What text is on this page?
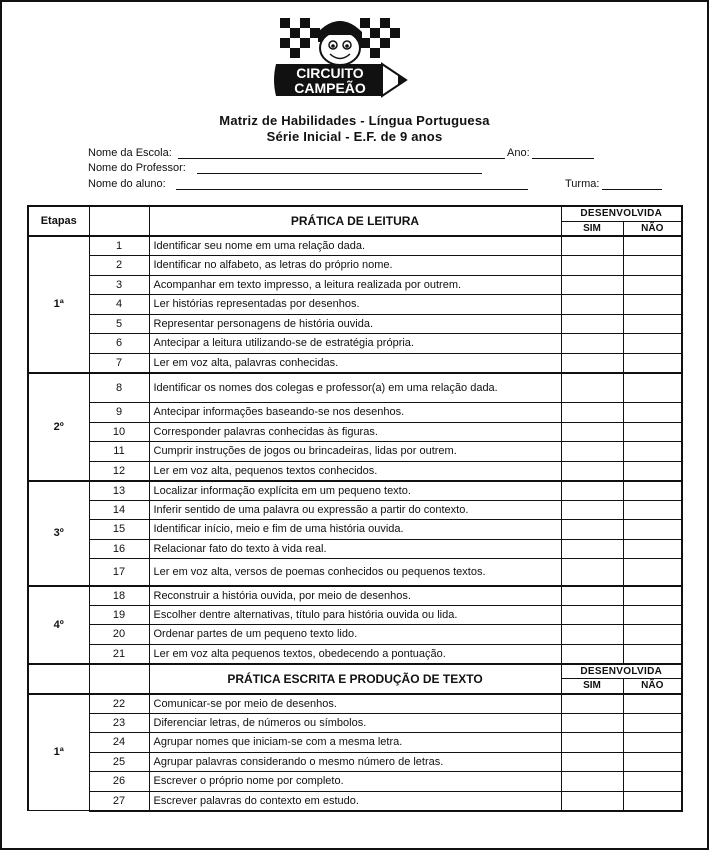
CIRCUITO
CAMPEÃO
Matriz de Habilidades - Língua Portuguesa
Série Inicial - E.F. de 9 anos
Nome da Escola:	Ano:
Nome do Professor:
Nome do aluno:	Turma:
Etapas		PRÁTICA DE LEITURA	DESENVOLVIDA	
			SIM	NÃO
1ª	1	Identificar seu nome em uma relação dada.		
	2	Identificar no alfabeto, as letras do próprio nome.		
	3	Acompanhar em texto impresso, a leitura realizada por outrem.		
	4	Ler histórias representadas por desenhos.		
	5	Representar personagens de história ouvida.		
	6	Antecipar a leitura utilizando-se de estratégia própria.		
	7	Ler em voz alta, palavras conhecidas.		
2º	8	Identificar os nomes dos colegas e professor(a) em uma relação dada.		
	9	Antecipar informações baseando-se nos desenhos.		
	10	Corresponder palavras conhecidas às figuras.		
	11	Cumprir instruções de jogos ou brincadeiras, lidas por outrem.		
	12	Ler em voz alta, pequenos textos conhecidos.		
3º	13	Localizar informação explícita em um pequeno texto.		
	14	Inferir sentido de uma palavra ou expressão a partir do contexto.		
	15	Identificar início, meio e fim de uma história ouvida.		
	16	Relacionar fato do texto à vida real.		
	17	Ler em voz alta, versos de poemas conhecidos ou pequenos textos.		
4º	18	Reconstruir a história ouvida, por meio de desenhos.		
	19	Escolher dentre alternativas, título para história ouvida ou lida.		
	20	Ordenar partes de um pequeno texto lido.		
	21	Ler em voz alta pequenos textos, obedecendo a pontuação.		
		PRÁTICA ESCRITA E PRODUÇÃO DE TEXTO	DESENVOLVIDA	
			SIM	NÃO
1ª	22	Comunicar-se por meio de desenhos.		
	23	Diferenciar letras, de números ou símbolos.		
	24	Agrupar nomes que iniciam-se com a mesma letra.		
	25	Agrupar palavras considerando o mesmo número de letras.		
	26	Escrever o próprio nome por completo.		
	27	Escrever palavras do contexto em estudo.		
